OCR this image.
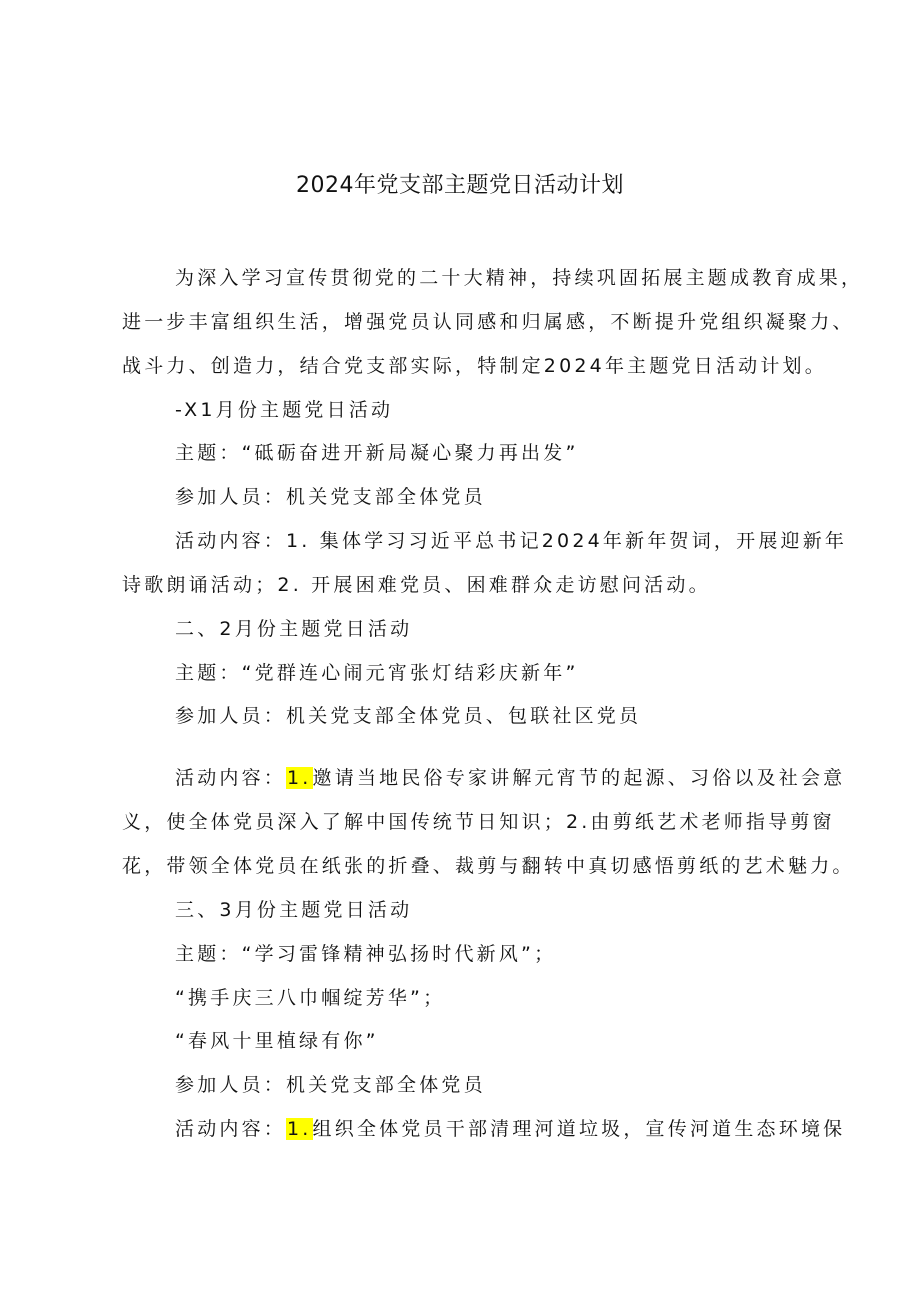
2024年党支部主题党日活动计划
为深入学习宣传贯彻党的二十大精神，持续巩固拓展主题成教育成果，
进一步丰富组织生活，增强党员认同感和归属感，不断提升党组织凝聚力、
战斗力、创造力，结合党支部实际，特制定2024年主题党日活动计划。
-X1月份主题党日活动
主题：“砥砺奋进开新局凝心聚力再出发”
参加人员：机关党支部全体党员
活动内容：1. 集体学习习近平总书记2024年新年贺词，开展迎新年
诗歌朗诵活动；2. 开展困难党员、困难群众走访慰问活动。
二、2月份主题党日活动
主题：“党群连心闹元宵张灯结彩庆新年”
参加人员：机关党支部全体党员、包联社区党员
活动内容：1.邀请当地民俗专家讲解元宵节的起源、习俗以及社会意
义，使全体党员深入了解中国传统节日知识；2.由剪纸艺术老师指导剪窗
花，带领全体党员在纸张的折叠、裁剪与翻转中真切感悟剪纸的艺术魅力。
三、3月份主题党日活动
主题：“学习雷锋精神弘扬时代新风”；
“携手庆三八巾帼绽芳华”；
“春风十里植绿有你”
参加人员：机关党支部全体党员
活动内容：1.组织全体党员干部清理河道垃圾，宣传河道生态环境保
